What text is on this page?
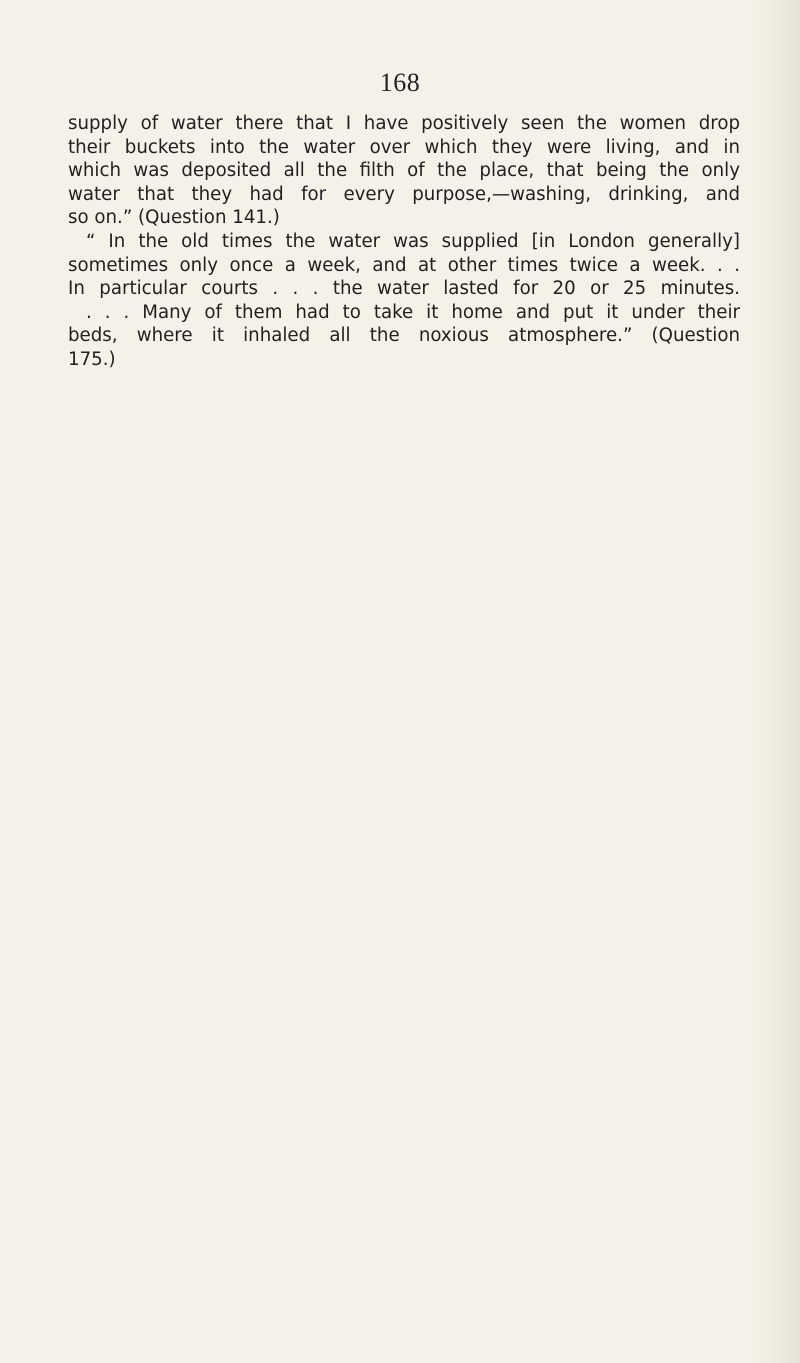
168
supply of water there that I have positively seen the women drop
their buckets into the water over which they were living, and in
which was deposited all the filth of the place, that being the only
water that they had for every purpose,—washing, drinking, and
so on.” (Question 141.)
“ In the old times the water was supplied [in London generally]
sometimes only once a week, and at other times twice a week. . .
In particular courts . . . the water lasted for 20 or 25 minutes.
. . . Many of them had to take it home and put it under their
beds, where it inhaled all the noxious atmosphere.” (Question
175.)
